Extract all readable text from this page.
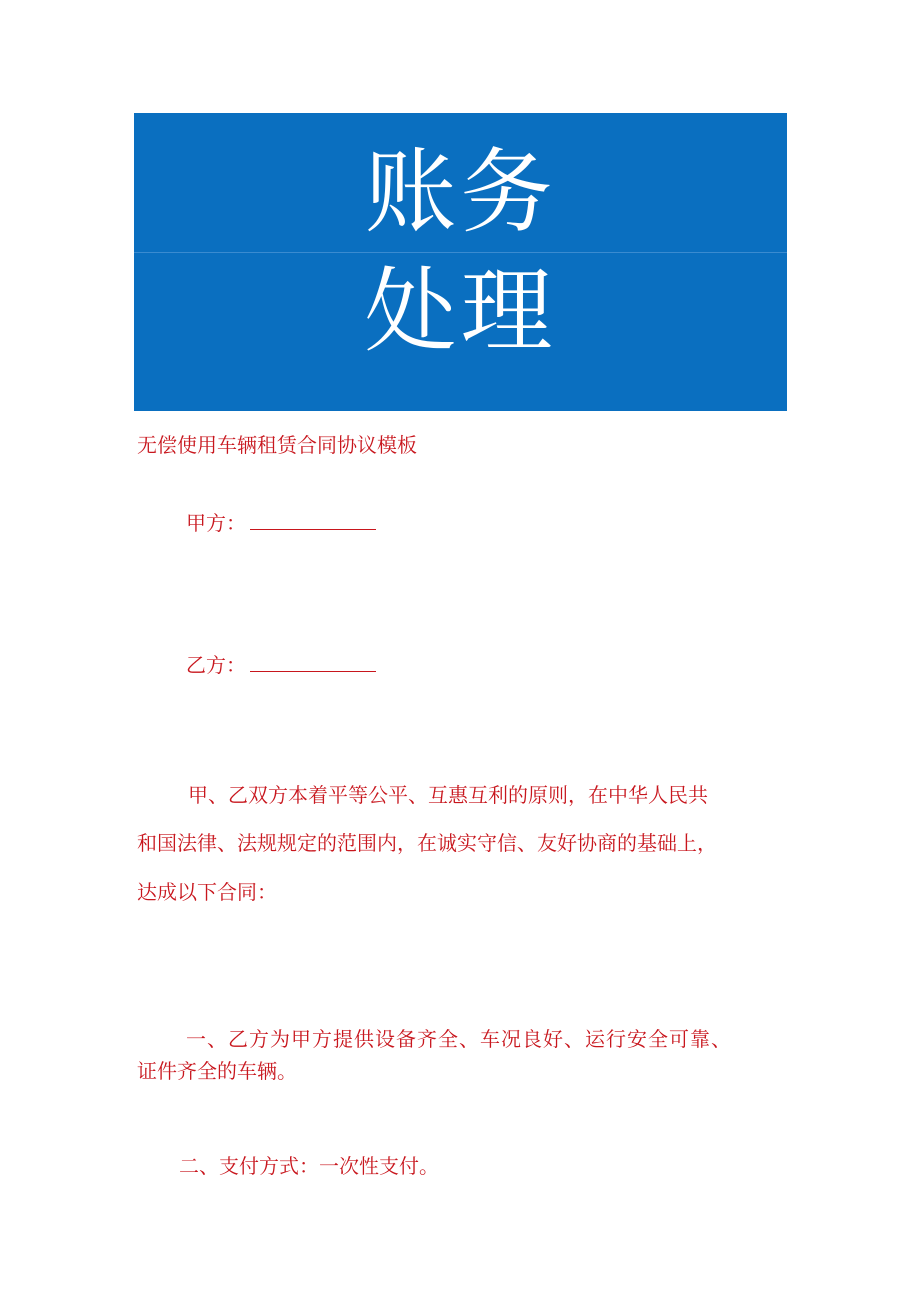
账务
处理
无偿使用车辆租赁合同协议模板
甲方：
乙方：
甲、乙双方本着平等公平、互惠互利的原则，在中华人民共
和国法律、法规规定的范围内，在诚实守信、友好协商的基础上，
达成以下合同：
一、乙方为甲方提供设备齐全、车况良好、运行安全可靠、
证件齐全的车辆。
二、支付方式：一次性支付。
